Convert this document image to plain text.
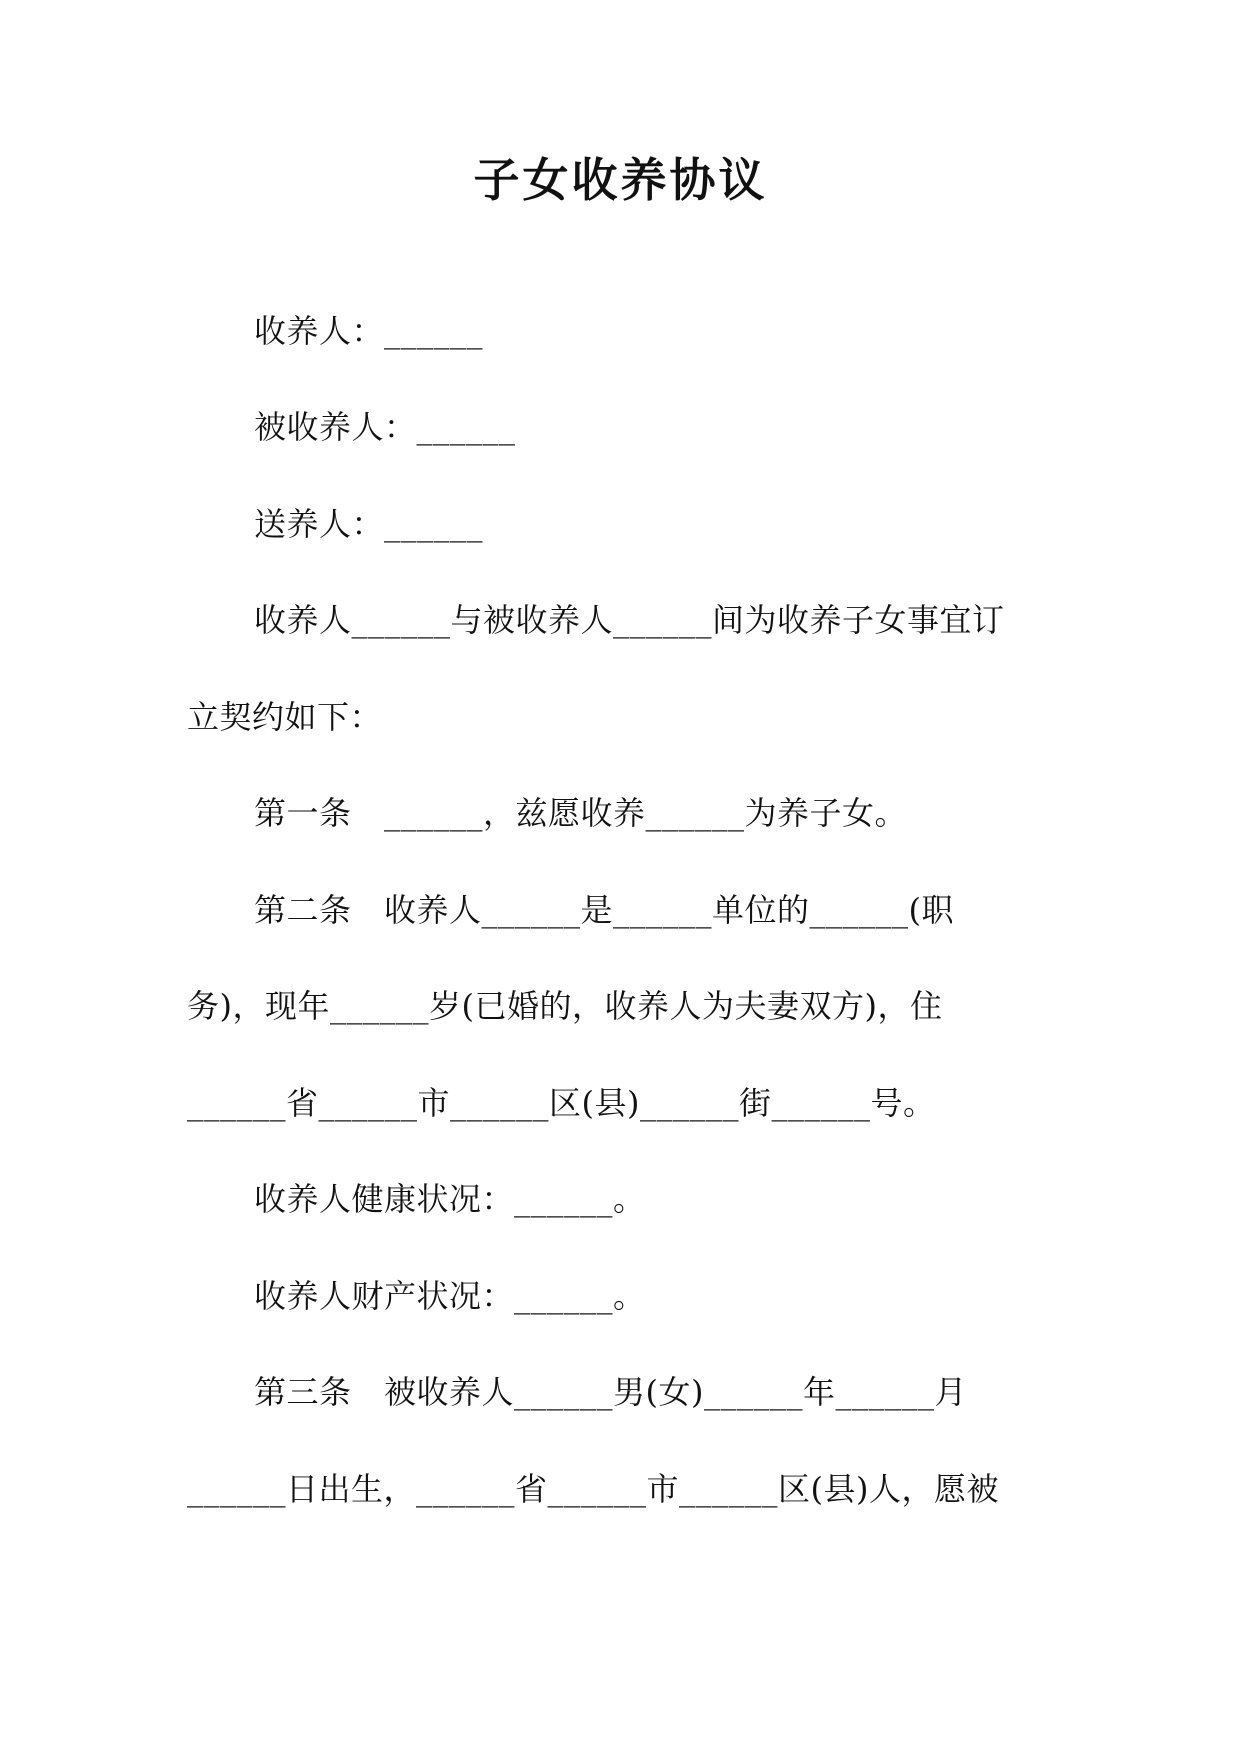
子女收养协议
收养人：______
被收养人：______
送养人：______
收养人______与被收养人______间为收养子女事宜订
立契约如下：
第一条　______，兹愿收养______为养子女。
第二条　收养人______是______单位的______(职
务)，现年______岁(已婚的，收养人为夫妻双方)，住
______省______市______区(县)______街______号。
收养人健康状况：______。
收养人财产状况：______。
第三条　被收养人______男(女)______年______月
______日出生，______省______市______区(县)人，愿被
